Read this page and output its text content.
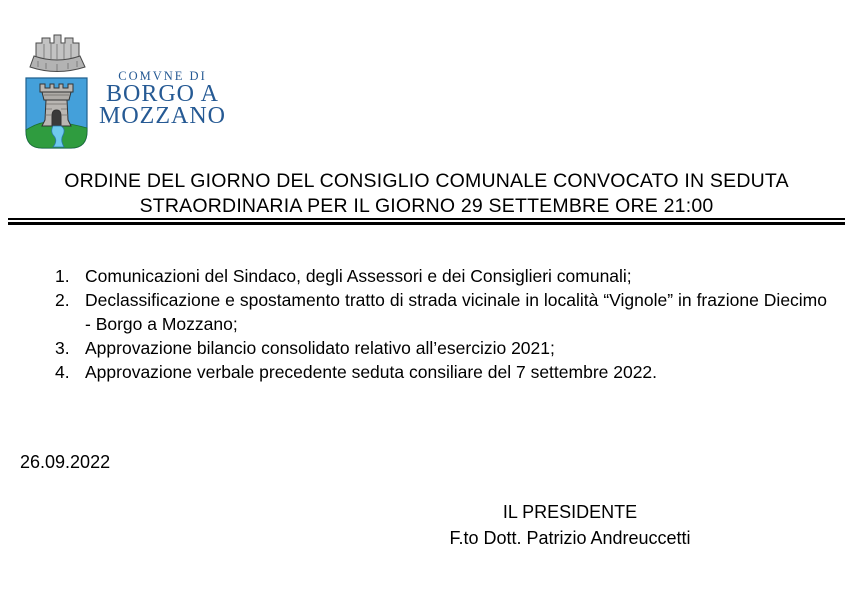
COMVNE DI
BORGO A
MOZZANO
ORDINE DEL GIORNO DEL CONSIGLIO COMUNALE CONVOCATO IN SEDUTA
STRAORDINARIA PER IL GIORNO 29 SETTEMBRE ORE 21:00
1. Comunicazioni del Sindaco, degli Assessori e dei Consiglieri comunali;
2. Declassificazione e spostamento tratto di strada vicinale in località “Vignole” in frazione Diecimo - Borgo a Mozzano;
3. Approvazione bilancio consolidato relativo all’esercizio 2021;
4. Approvazione verbale precedente seduta consiliare del 7 settembre 2022.
26.09.2022
IL PRESIDENTE
F.to Dott. Patrizio Andreuccetti
